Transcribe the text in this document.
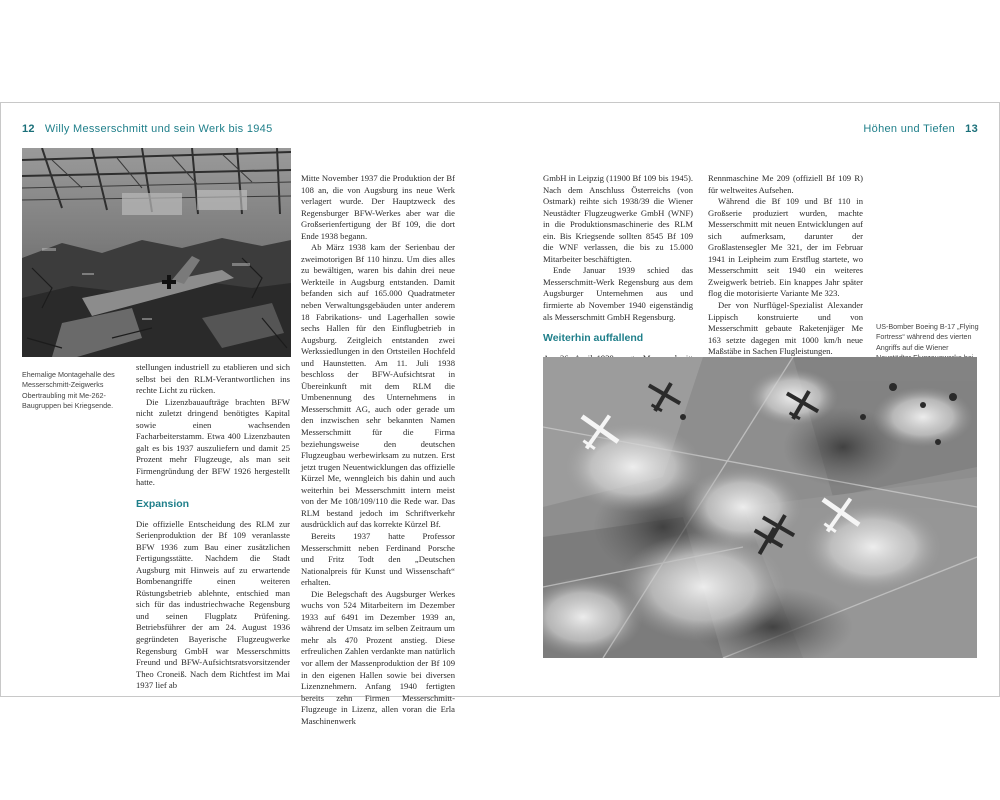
12 Willy Messerschmitt und sein Werk bis 1945	Höhen und Tiefen 13
Ehemalige Montagehalle des Messerschmitt-Zeigwerks Obertraubling mit Me-262-Baugruppen bei Kriegsende.

stellungen industriell zu etablieren und sich selbst bei den RLM-Verantwortlichen ins rechte Licht zu rücken.

Die Lizenzbauaufträge brachten BFW nicht zuletzt dringend benötigtes Kapital sowie einen wachsenden Facharbeiterstamm. Etwa 400 Lizenzbauten galt es bis 1937 auszuliefern und damit 25 Prozent mehr Flugzeuge, als man seit Firmengründung der BFW 1926 hergestellt hatte.

Expansion

Die offizielle Entscheidung des RLM zur Serienproduktion der Bf 109 veranlasste BFW 1936 zum Bau einer zusätzlichen Fertigungsstätte. Nachdem die Stadt Augsburg mit Hinweis auf zu erwartende Bombenangriffe einen weiteren Rüstungsbetrieb ablehnte, entschied man sich für das industriechwache Regensburg und seinen Flugplatz Prüfening. Betriebsführer der am 24. August 1936 gegründeten Bayerische Flugzeugwerke Regensburg GmbH war Messerschmitts Freund und BFW-Aufsichtsratsvorsitzender Theo Croneiß. Nach dem Richtfest im Mai 1937 lief ab

Mitte November 1937 die Produktion der Bf 108 an, die von Augsburg ins neue Werk verlagert wurde. Der Hauptzweck des Regensburger BFW-Werkes aber war die Großserienfertigung der Bf 109, die dort Ende 1938 begann.

Ab März 1938 kam der Serienbau der zweimotorigen Bf 110 hinzu. Um dies alles zu bewältigen, waren bis dahin drei neue Werkteile in Augsburg entstanden. Damit befanden sich auf 165.000 Quadratmeter neben Verwaltungsgebäuden unter anderem 18 Fabrikations- und Lagerhallen sowie sechs Hallen für den Einflugbetrieb in Augsburg. Zeitgleich entstanden zwei Werkssiedlungen in den Ortsteilen Hochfeld und Haunstetten. Am 11. Juli 1938 beschloss der BFW-Aufsichtsrat in Übereinkunft mit dem RLM die Umbenennung des Unternehmens in Messerschmitt AG, auch oder gerade um den inzwischen sehr bekannten Namen Messerschmitt für die Firma beziehungsweise den deutschen Flugzeugbau werbewirksam zu nutzen. Erst jetzt trugen Neuentwicklungen das offizielle Kürzel Me, wenngleich bis dahin und auch weiterhin bei Messerschmitt intern meist von der Me 108/109/110 die Rede war. Das RLM bestand jedoch im Schriftverkehr ausdrücklich auf das korrekte Kürzel Bf.

Bereits 1937 hatte Professor Messerschmitt neben Ferdinand Porsche und Fritz Todt den „Deutschen Nationalpreis für Kunst und Wissenschaft“ erhalten.

Die Belegschaft des Augsburger Werkes wuchs von 524 Mitarbeitern im Dezember 1933 auf 6491 im Dezember 1939 an, während der Umsatz im selben Zeitraum um mehr als 470 Prozent anstieg. Diese erfreulichen Zahlen verdankte man natürlich vor allem der Massenproduktion der Bf 109 in den eigenen Hallen sowie bei diversen Lizenznehmern. Anfang 1940 fertigten bereits zehn Firmen Messerschmitt-Flugzeuge in Lizenz, allen voran die Erla Maschinenwerk

GmbH in Leipzig (11900 Bf 109 bis 1945). Nach dem Anschluss Österreichs (von Ostmark) reihte sich 1938/39 die Wiener Neustädter Flugzeugwerke GmbH (WNF) in die Produktionsmaschinerie des RLM ein. Bis Kriegsende sollten 8545 Bf 109 die WNF verlassen, die bis zu 15.000 Mitarbeiter beschäftigten.

Ende Januar 1939 schied das Messerschmitt-Werk Regensburg aus dem Augsburger Unternehmen aus und firmierte ab November 1940 eigenständig als Messerschmitt GmbH Regensburg.

Weiterhin auffallend

Rennmaschine Me 209 (offiziell Bf 109 R) für weltweites Aufsehen.

Während die Bf 109 und Bf 110 in Großserie produziert wurden, machte Messerschmitt mit neuen Entwicklungen auf sich aufmerksam, darunter der Großlastensegler Me 321, der im Februar 1941 in Leipheim zum Erstflug startete, wo Messerschmitt seit 1940 ein weiteres Zweigwerk betrieb. Ein knappes Jahr später flog die motorisierte Variante Me 323.

Der von Nurflügel-Spezialist Alexander Lippisch konstruierte und von Messerschmitt gebaute Raketenjäger Me 163 setzte dagegen mit 1000 km/h neue Maßstäbe in Sachen Flugleistungen.

US-Bomber Boeing B-17 „Flying Fortress“ während des vierten Angriffs auf die Wiener
